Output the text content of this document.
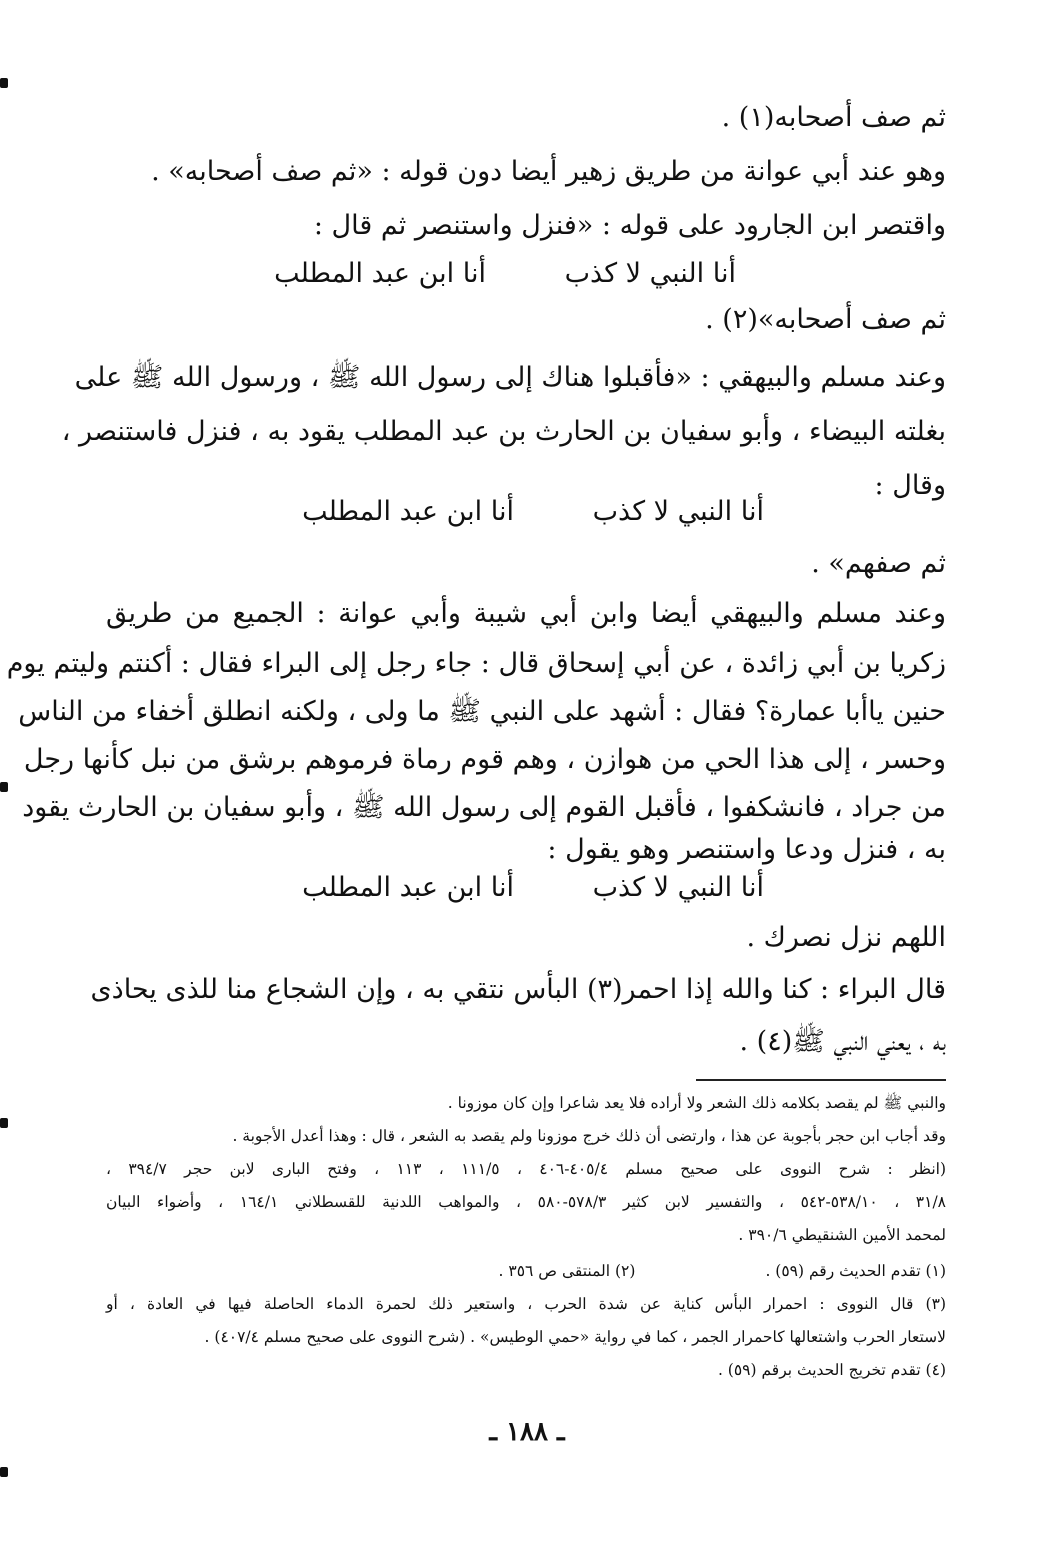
ثم صف أصحابه(١) .
وهو عند أبي عوانة من طريق زهير أيضا دون قوله : «ثم صف أصحابه» .
واقتصر ابن الجارود على قوله : «فنزل واستنصر ثم قال :
أنا النبي لا كذب
أنا ابن عبد المطلب
ثم صف أصحابه»(٢) .
وعند مسلم والبيهقي : «فأقبلوا هناك إلى رسول الله ﷺ ، ورسول الله ﷺ على
بغلته البيضاء ، وأبو سفيان بن الحارث بن عبد المطلب يقود به ، فنزل فاستنصر ،
وقال :
أنا النبي لا كذب
أنا ابن عبد المطلب
ثم صفهم» .
وعند مسلم والبيهقي أيضا وابن أبي شيبة وأبي عوانة : الجميع من طريق
زكريا بن أبي زائدة ، عن أبي إسحاق قال : جاء رجل إلى البراء فقال : أكنتم وليتم يوم
حنين ياأبا عمارة؟ فقال : أشهد على النبي ﷺ ما ولى ، ولكنه انطلق أخفاء من الناس
وحسر ، إلى هذا الحي من هوازن ، وهم قوم رماة فرموهم برشق من نبل كأنها رجل
من جراد ، فانشكفوا ، فأقبل القوم إلى رسول الله ﷺ ، وأبو سفيان بن الحارث يقود
به ، فنزل ودعا واستنصر وهو يقول :
أنا النبي لا كذب
أنا ابن عبد المطلب
اللهم نزل نصرك .
قال البراء : كنا والله إذا احمر(٣) البأس نتقي به ، وإن الشجاع منا للذى يحاذى
به ، يعني النبي ﷺ(٤) .
والنبي ﷺ لم يقصد بكلامه ذلك الشعر ولا أراده فلا يعد شاعرا وإن كان موزونا .
وقد أجاب ابن حجر بأجوبة عن هذا ، وارتضى أن ذلك خرج موزونا ولم يقصد به الشعر ، قال : وهذا أعدل الأجوبة .
(انظر : شرح النووى على صحيح مسلم ٤٠٥/٤-٤٠٦ ، ١١١/٥ ، ١١٣ ، وفتح البارى لابن حجر ٣٩٤/٧ ،
٣١/٨ ، ٥٣٨/١٠-٥٤٢ ، والتفسير لابن كثير ٥٧٨/٣-٥٨٠ ، والمواهب اللدنية للقسطلاني ١٦٤/١ ، وأضواء البيان
لمحمد الأمين الشنقيطي ٣٩٠/٦ .
(١) تقدم الحديث رقم (٥٩) .(٢) المنتقى ص ٣٥٦ .
(٣) قال النووى : احمرار البأس كناية عن شدة الحرب ، واستعير ذلك لحمرة الدماء الحاصلة فيها في العادة ، أو
لاستعار الحرب واشتعالها كاحمرار الجمر ، كما في رواية «حمي الوطيس» . (شرح النووى على صحيح مسلم ٤٠٧/٤) .
(٤) تقدم تخريج الحديث برقم (٥٩) .
ـ ١٨٨ ـ
